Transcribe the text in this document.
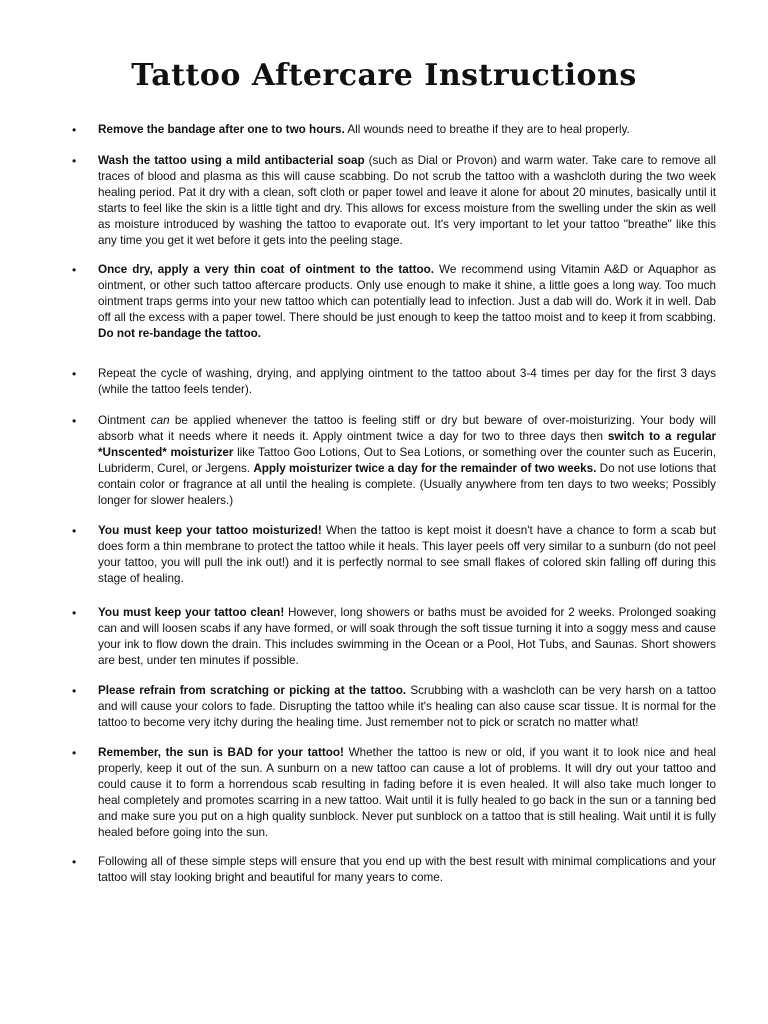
Tattoo Aftercare Instructions
• Remove the bandage after one to two hours. All wounds need to breathe if they are to heal properly.
• Wash the tattoo using a mild antibacterial soap (such as Dial or Provon) and warm water. Take care to remove all traces of blood and plasma as this will cause scabbing. Do not scrub the tattoo with a washcloth during the two week healing period. Pat it dry with a clean, soft cloth or paper towel and leave it alone for about 20 minutes, basically until it starts to feel like the skin is a little tight and dry. This allows for excess moisture from the swelling under the skin as well as moisture introduced by washing the tattoo to evaporate out. It's very important to let your tattoo "breathe" like this any time you get it wet before it gets into the peeling stage.
• Once dry, apply a very thin coat of ointment to the tattoo. We recommend using Vitamin A&D or Aquaphor as ointment, or other such tattoo aftercare products. Only use enough to make it shine, a little goes a long way. Too much ointment traps germs into your new tattoo which can potentially lead to infection. Just a dab will do. Work it in well. Dab off all the excess with a paper towel. There should be just enough to keep the tattoo moist and to keep it from scabbing. Do not re-bandage the tattoo.
• Repeat the cycle of washing, drying, and applying ointment to the tattoo about 3-4 times per day for the first 3 days (while the tattoo feels tender).
• Ointment can be applied whenever the tattoo is feeling stiff or dry but beware of over-moisturizing. Your body will absorb what it needs where it needs it. Apply ointment twice a day for two to three days then switch to a regular *Unscented* moisturizer like Tattoo Goo Lotions, Out to Sea Lotions, or something over the counter such as Eucerin, Lubriderm, Curel, or Jergens. Apply moisturizer twice a day for the remainder of two weeks. Do not use lotions that contain color or fragrance at all until the healing is complete. (Usually anywhere from ten days to two weeks; Possibly longer for slower healers.)
• You must keep your tattoo moisturized! When the tattoo is kept moist it doesn't have a chance to form a scab but does form a thin membrane to protect the tattoo while it heals. This layer peels off very similar to a sunburn (do not peel your tattoo, you will pull the ink out!) and it is perfectly normal to see small flakes of colored skin falling off during this stage of healing.
• You must keep your tattoo clean! However, long showers or baths must be avoided for 2 weeks. Prolonged soaking can and will loosen scabs if any have formed, or will soak through the soft tissue turning it into a soggy mess and cause your ink to flow down the drain. This includes swimming in the Ocean or a Pool, Hot Tubs, and Saunas. Short showers are best, under ten minutes if possible.
• Please refrain from scratching or picking at the tattoo. Scrubbing with a washcloth can be very harsh on a tattoo and will cause your colors to fade. Disrupting the tattoo while it's healing can also cause scar tissue. It is normal for the tattoo to become very itchy during the healing time. Just remember not to pick or scratch no matter what!
• Remember, the sun is BAD for your tattoo! Whether the tattoo is new or old, if you want it to look nice and heal properly, keep it out of the sun. A sunburn on a new tattoo can cause a lot of problems. It will dry out your tattoo and could cause it to form a horrendous scab resulting in fading before it is even healed. It will also take much longer to heal completely and promotes scarring in a new tattoo. Wait until it is fully healed to go back in the sun or a tanning bed and make sure you put on a high quality sunblock. Never put sunblock on a tattoo that is still healing. Wait until it is fully healed before going into the sun.
• Following all of these simple steps will ensure that you end up with the best result with minimal complications and your tattoo will stay looking bright and beautiful for many years to come.
